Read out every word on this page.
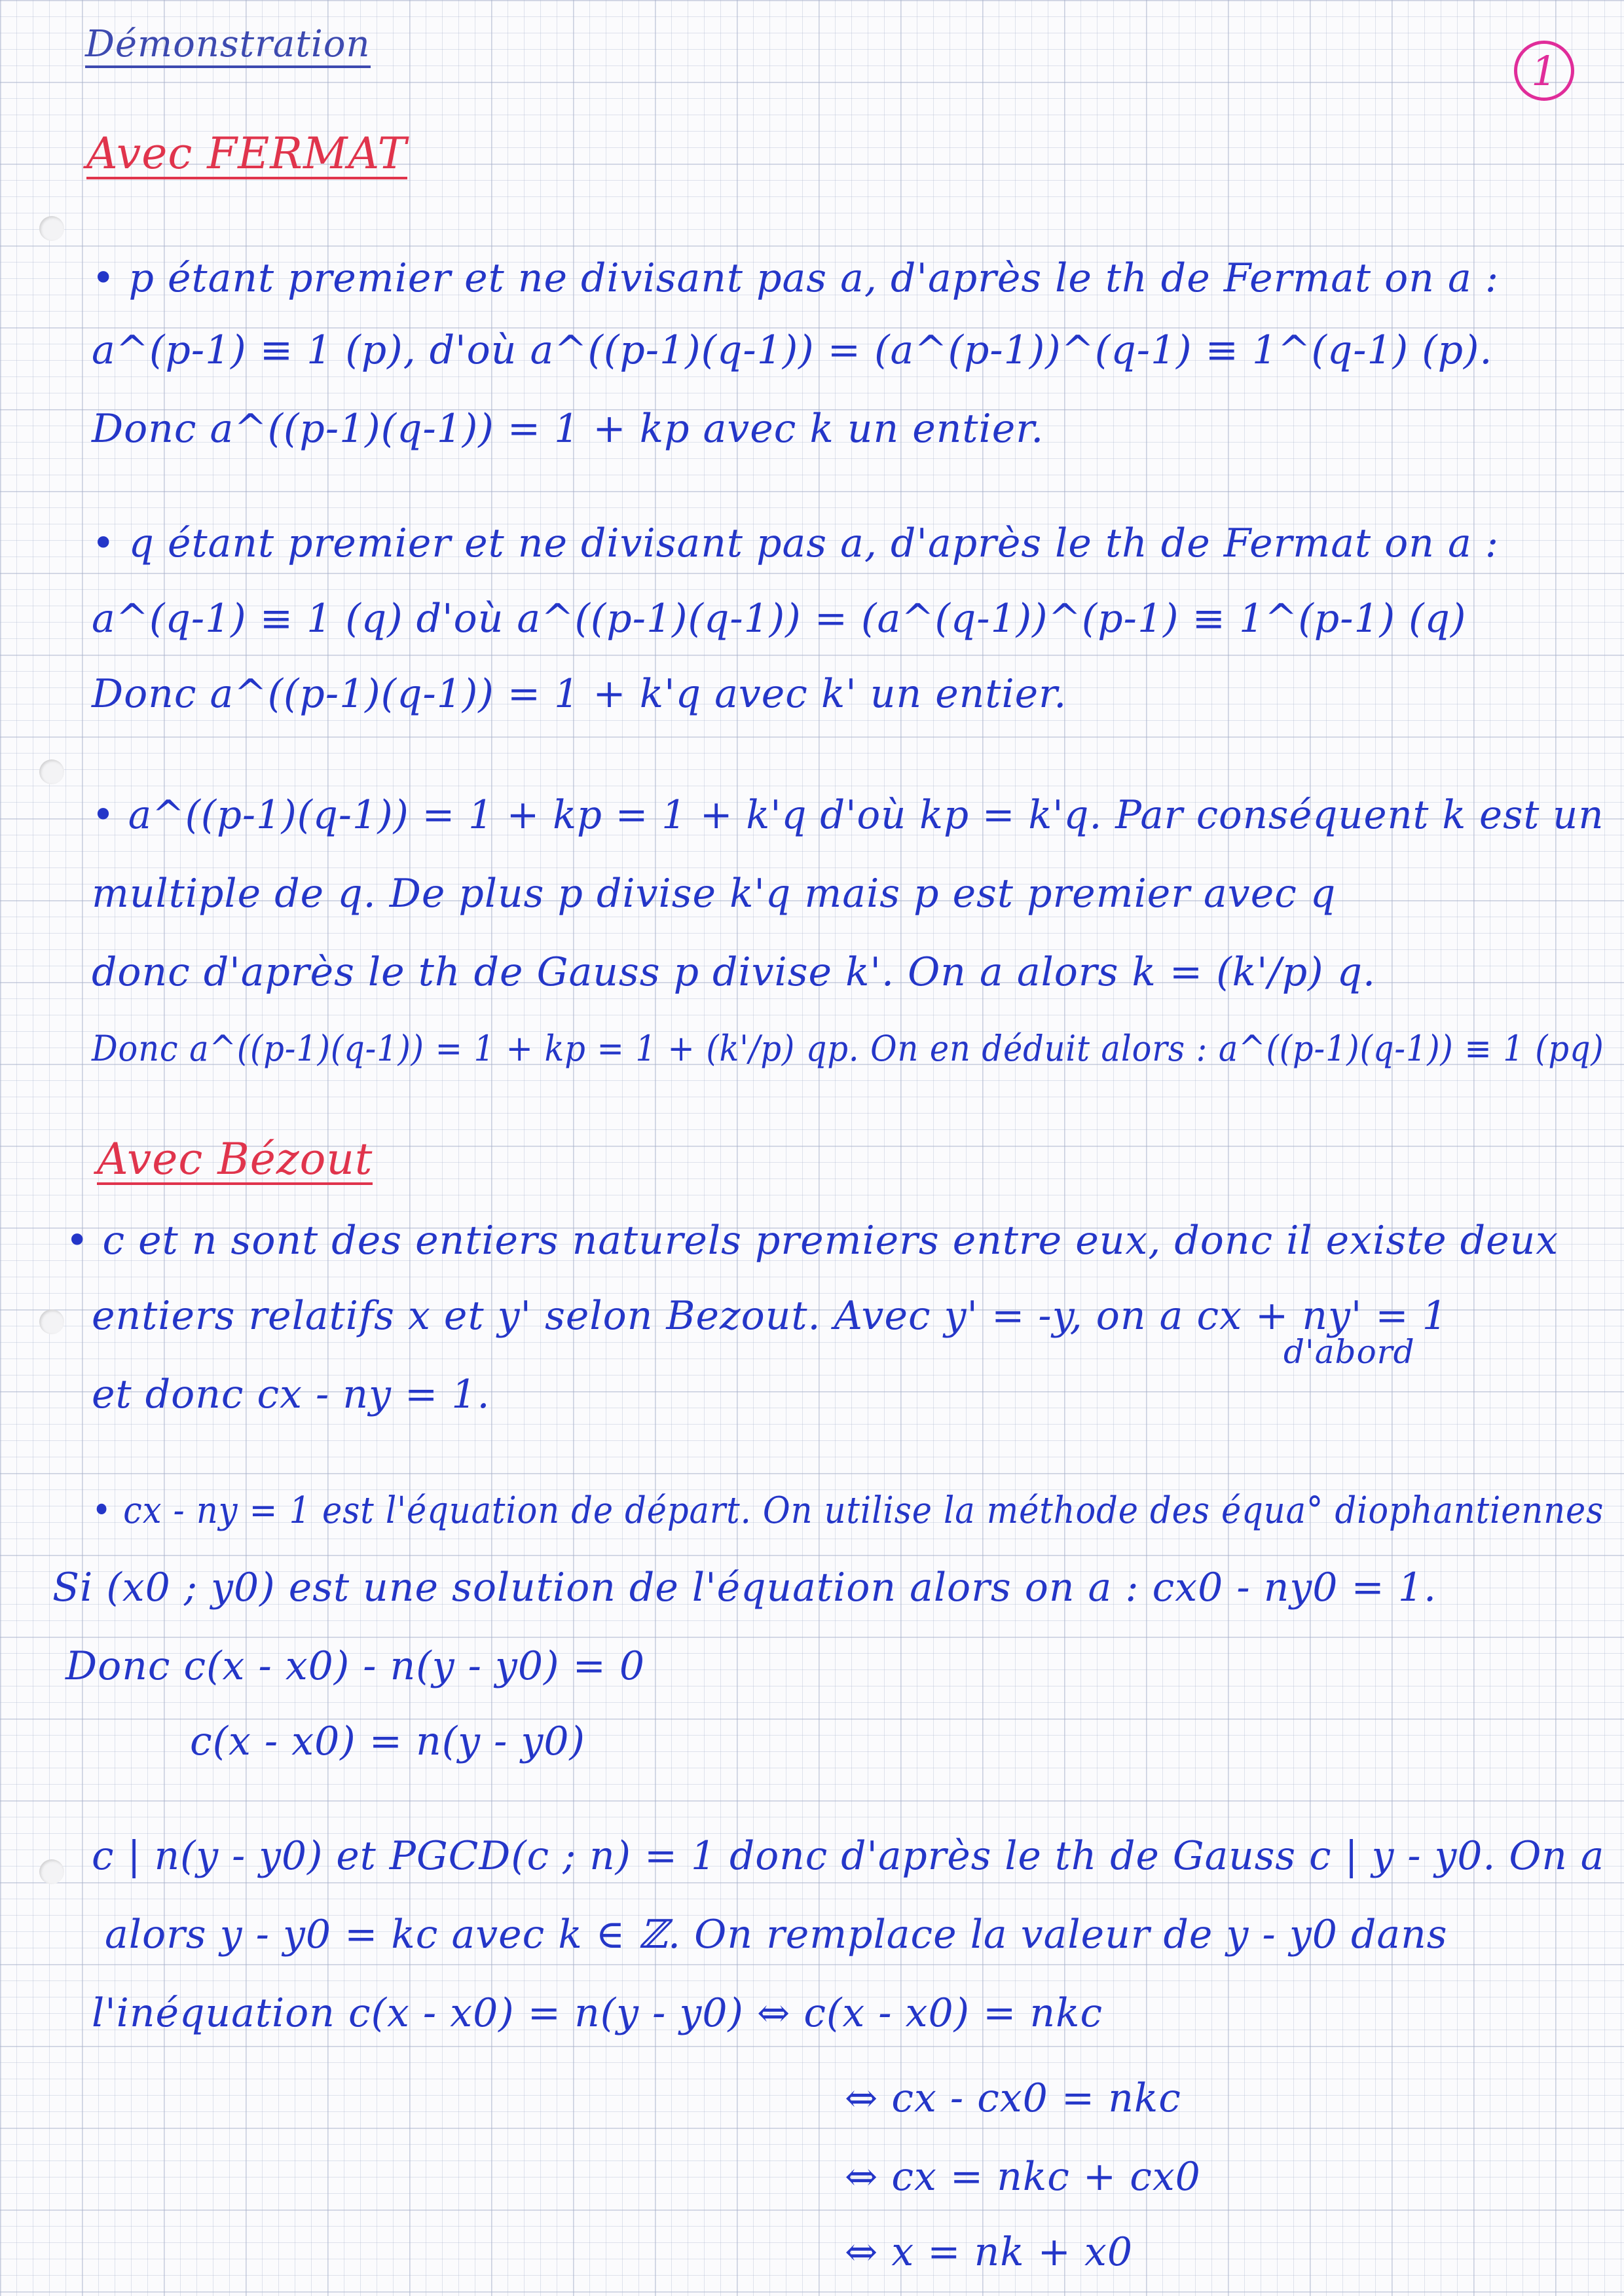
Démonstration
1
Avec FERMAT
• p étant premier et ne divisant pas a, d'après le th de Fermat on a :
a^(p-1) ≡ 1 (p), d'où a^((p-1)(q-1)) = (a^(p-1))^(q-1) ≡ 1^(q-1) (p).
Donc a^((p-1)(q-1)) = 1 + kp avec k un entier.
• q étant premier et ne divisant pas a, d'après le th de Fermat on a :
a^(q-1) ≡ 1 (q) d'où a^((p-1)(q-1)) = (a^(q-1))^(p-1) ≡ 1^(p-1) (q)
Donc a^((p-1)(q-1)) = 1 + k'q avec k' un entier.
• a^((p-1)(q-1)) = 1 + kp = 1 + k'q d'où kp = k'q. Par conséquent k est un
multiple de q. De plus p divise k'q mais p est premier avec q
donc d'après le th de Gauss p divise k'. On a alors k = (k'/p) q.
Donc a^((p-1)(q-1)) = 1 + kp = 1 + (k'/p) qp. On en déduit alors : a^((p-1)(q-1)) ≡ 1 (pq)
Avec Bézout
• c et n sont des entiers naturels premiers entre eux, donc il existe deux
entiers relatifs x et y' selon Bezout. Avec y' = -y, on a cx + ny' = 1
d'abord
et donc cx - ny = 1.
• cx - ny = 1 est l'équation de départ. On utilise la méthode des équa° diophantiennes
Si (x0 ; y0) est une solution de l'équation alors on a : cx0 - ny0 = 1.
Donc c(x - x0) - n(y - y0) = 0
c(x - x0) = n(y - y0)
c | n(y - y0) et PGCD(c ; n) = 1 donc d'après le th de Gauss c | y - y0. On a
alors y - y0 = kc avec k ∈ ℤ. On remplace la valeur de y - y0 dans
l'inéquation c(x - x0) = n(y - y0) ⇔ c(x - x0) = nkc
⇔ cx - cx0 = nkc
⇔ cx = nkc + cx0
⇔ x = nk + x0
